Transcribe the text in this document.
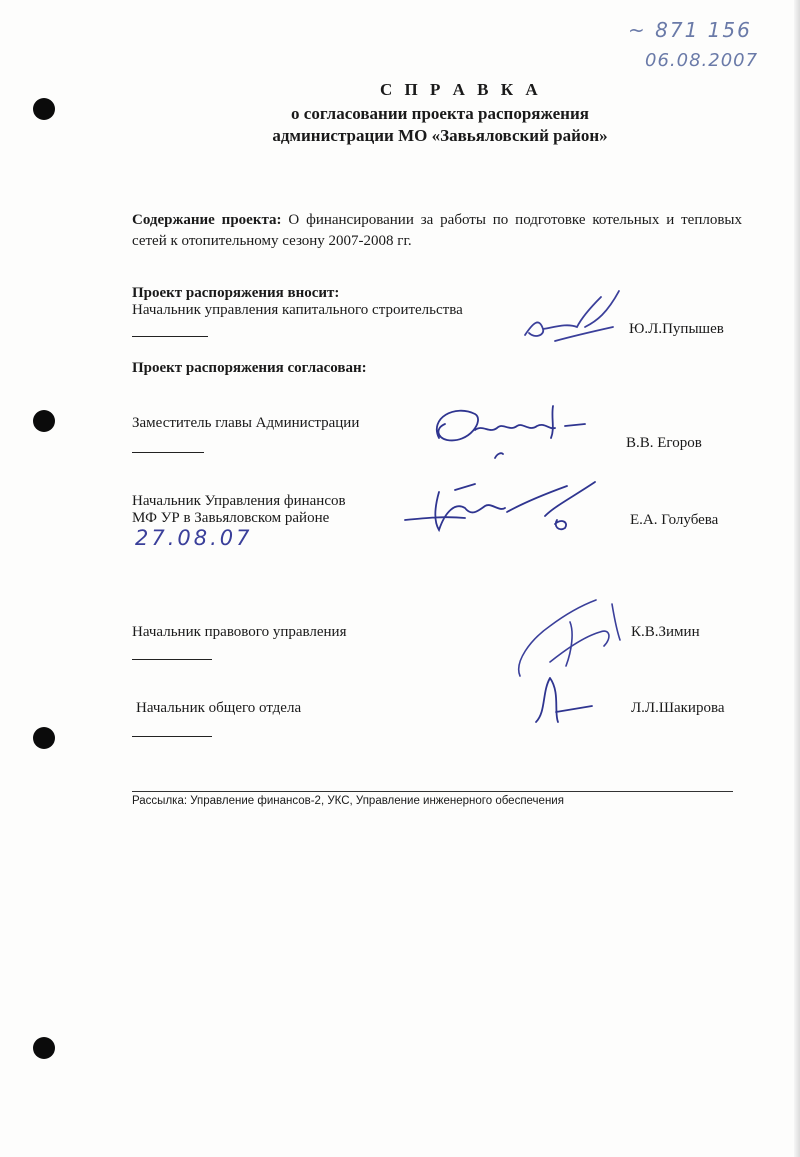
~ 871 156
06.08.2007
С П Р А В К А
о согласовании проекта распоряжения
администрации МО «Завьяловский район»
Содержание проекта: О финансировании за работы по подготовке котельных и тепловых сетей к отопительному сезону 2007-2008 гг.
Проект распоряжения вносит:
Начальник управления капитального строительства
Ю.Л.Пупышев
Проект распоряжения согласован:
Заместитель главы Администрации
В.В. Егоров
Начальник Управления финансов
МФ УР в Завьяловском районе
27.08.07
Е.А. Голубева
Начальник правового управления	К.В.Зимин
Начальник общего отдела	Л.Л.Шакирова
Рассылка: Управление финансов-2, УКС, Управление инженерного обеспечения
